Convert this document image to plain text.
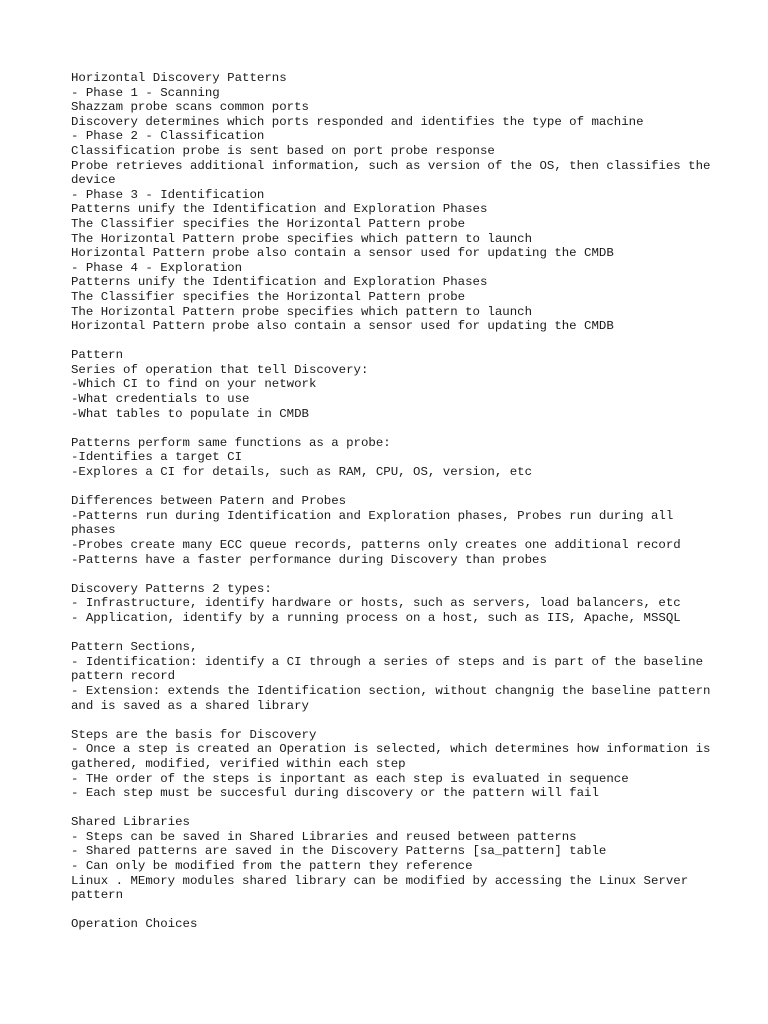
Horizontal Discovery Patterns
- Phase 1 - Scanning
Shazzam probe scans common ports
Discovery determines which ports responded and identifies the type of machine
- Phase 2 - Classification
Classification probe is sent based on port probe response
Probe retrieves additional information, such as version of the OS, then classifies the device
- Phase 3 - Identification
Patterns unify the Identification and Exploration Phases
The Classifier specifies the Horizontal Pattern probe
The Horizontal Pattern probe specifies which pattern to launch
Horizontal Pattern probe also contain a sensor used for updating the CMDB
- Phase 4 - Exploration
Patterns unify the Identification and Exploration Phases
The Classifier specifies the Horizontal Pattern probe
The Horizontal Pattern probe specifies which pattern to launch
Horizontal Pattern probe also contain a sensor used for updating the CMDB
Pattern
Series of operation that tell Discovery:
-Which CI to find on your network
-What credentials to use
-What tables to populate in CMDB
Patterns perform same functions as a probe:
-Identifies a target CI
-Explores a CI for details, such as RAM, CPU, OS, version, etc
Differences between Patern and Probes
-Patterns run during Identification and Exploration phases, Probes run during all phases
-Probes create many ECC queue records, patterns only creates one additional record
-Patterns have a faster performance during Discovery than probes
Discovery Patterns 2 types:
- Infrastructure, identify hardware or hosts, such as servers, load balancers, etc
- Application, identify by a running process on a host, such as IIS, Apache, MSSQL
Pattern Sections,
- Identification: identify a CI through a series of steps and is part of the baseline pattern record
- Extension: extends the Identification section, without changnig the baseline pattern and is saved as a shared library
Steps are the basis for Discovery
- Once a step is created an Operation is selected, which determines how information is gathered, modified, verified within each step
- THe order of the steps is inportant as each step is evaluated in sequence
- Each step must be succesful during discovery or the pattern will fail
Shared Libraries
- Steps can be saved in Shared Libraries and reused between patterns
- Shared patterns are saved in the Discovery Patterns [sa_pattern] table
- Can only be modified from the pattern they reference
Linux . MEmory modules shared library can be modified by accessing the Linux Server pattern
Operation Choices
